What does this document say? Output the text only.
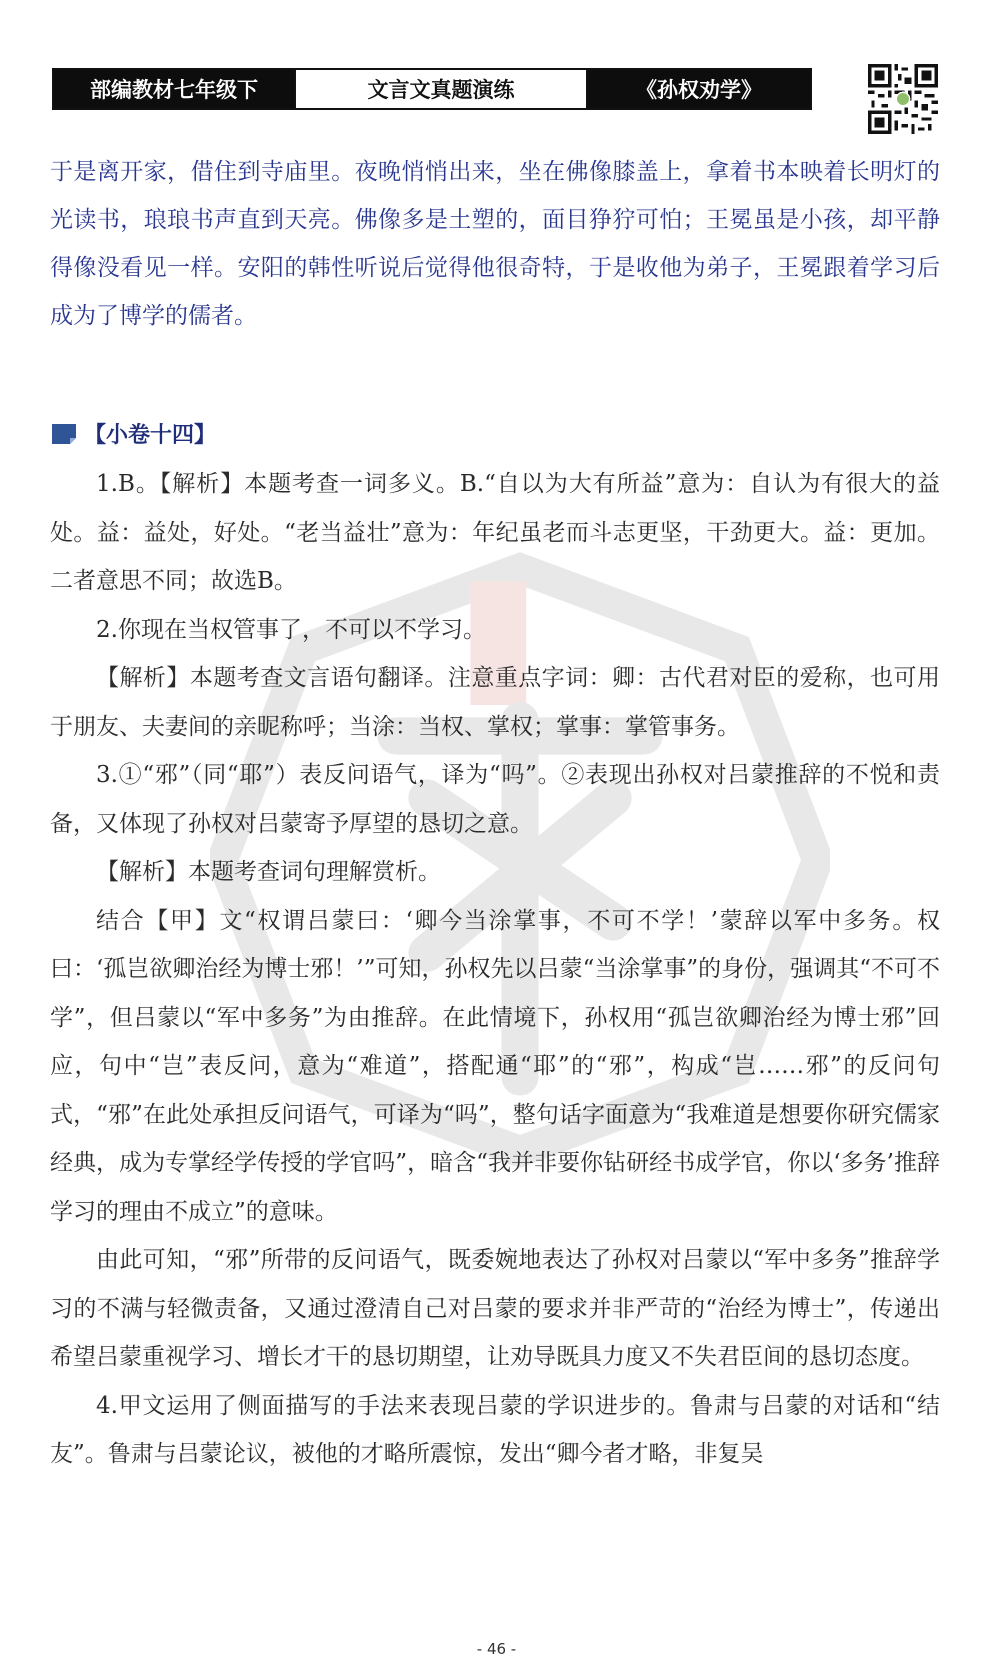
部编教材七年级下	文言文真题演练	《孙权劝学》

于是离开家，借住到寺庙里。夜晚悄悄出来，坐在佛像膝盖上，拿着书本映着长明灯的光读书，琅琅书声直到天亮。佛像多是土塑的，面目狰狞可怕；王冕虽是小孩，却平静得像没看见一样。安阳的韩性听说后觉得他很奇特，于是收他为弟子，王冕跟着学习后成为了博学的儒者。

【小卷十四】

1.B。【解析】本题考查一词多义。B.“自以为大有所益”意为：自认为有很大的益处。益：益处，好处。“老当益壮”意为：年纪虽老而斗志更坚，干劲更大。益：更加。二者意思不同；故选B。

2.你现在当权管事了，不可以不学习。

【解析】本题考查文言语句翻译。注意重点字词：卿：古代君对臣的爱称，也可用于朋友、夫妻间的亲昵称呼；当涂：当权、掌权；掌事：掌管事务。

3.①“邪”（同“耶”）表反问语气，译为“吗”。②表现出孙权对吕蒙推辞的不悦和责备，又体现了孙权对吕蒙寄予厚望的恳切之意。

【解析】本题考查词句理解赏析。

结合【甲】文“权谓吕蒙曰：‘卿今当涂掌事，不可不学！’蒙辞以军中多务。权曰：‘孤岂欲卿治经为博士邪！’”可知，孙权先以吕蒙“当涂掌事”的身份，强调其“不可不学”，但吕蒙以“军中多务”为由推辞。在此情境下，孙权用“孤岂欲卿治经为博士邪”回应，句中“岂”表反问，意为“难道”，搭配通“耶”的“邪”，构成“岂……邪”的反问句式，“邪”在此处承担反问语气，可译为“吗”，整句话字面意为“我难道是想要你研究儒家经典，成为专掌经学传授的学官吗”，暗含“我并非要你钻研经书成学官，你以‘多务’推辞学习的理由不成立”的意味。

由此可知，“邪”所带的反问语气，既委婉地表达了孙权对吕蒙以“军中多务”推辞学习的不满与轻微责备，又通过澄清自己对吕蒙的要求并非严苛的“治经为博士”，传递出希望吕蒙重视学习、增长才干的恳切期望，让劝导既具力度又不失君臣间的恳切态度。

4.甲文运用了侧面描写的手法来表现吕蒙的学识进步的。鲁肃与吕蒙的对话和“结友”。鲁肃与吕蒙论议，被他的才略所震惊，发出“卿今者才略，非复吴

- 46 -
